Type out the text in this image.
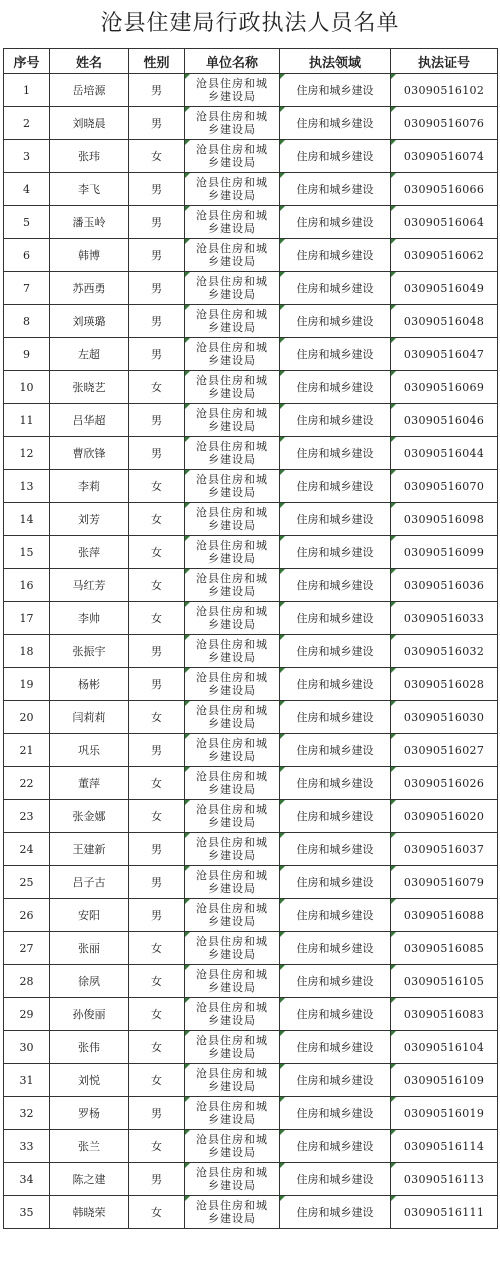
沧县住建局行政执法人员名单
序号	姓名	性别	单位名称	执法领域	执法证号
1	岳培源	男	沧县住房和城乡建设局	住房和城乡建设	03090516102
2	刘晓晨	男	沧县住房和城乡建设局	住房和城乡建设	03090516076
3	张玮	女	沧县住房和城乡建设局	住房和城乡建设	03090516074
4	李飞	男	沧县住房和城乡建设局	住房和城乡建设	03090516066
5	潘玉岭	男	沧县住房和城乡建设局	住房和城乡建设	03090516064
6	韩博	男	沧县住房和城乡建设局	住房和城乡建设	03090516062
7	苏西勇	男	沧县住房和城乡建设局	住房和城乡建设	03090516049
8	刘瑛璐	男	沧县住房和城乡建设局	住房和城乡建设	03090516048
9	左超	男	沧县住房和城乡建设局	住房和城乡建设	03090516047
10	张晓艺	女	沧县住房和城乡建设局	住房和城乡建设	03090516069
11	吕华超	男	沧县住房和城乡建设局	住房和城乡建设	03090516046
12	曹欣锋	男	沧县住房和城乡建设局	住房和城乡建设	03090516044
13	李莉	女	沧县住房和城乡建设局	住房和城乡建设	03090516070
14	刘芳	女	沧县住房和城乡建设局	住房和城乡建设	03090516098
15	张萍	女	沧县住房和城乡建设局	住房和城乡建设	03090516099
16	马红芳	女	沧县住房和城乡建设局	住房和城乡建设	03090516036
17	李帅	女	沧县住房和城乡建设局	住房和城乡建设	03090516033
18	张振宇	男	沧县住房和城乡建设局	住房和城乡建设	03090516032
19	杨彬	男	沧县住房和城乡建设局	住房和城乡建设	03090516028
20	闫莉莉	女	沧县住房和城乡建设局	住房和城乡建设	03090516030
21	巩乐	男	沧县住房和城乡建设局	住房和城乡建设	03090516027
22	董萍	女	沧县住房和城乡建设局	住房和城乡建设	03090516026
23	张金娜	女	沧县住房和城乡建设局	住房和城乡建设	03090516020
24	王建新	男	沧县住房和城乡建设局	住房和城乡建设	03090516037
25	吕子古	男	沧县住房和城乡建设局	住房和城乡建设	03090516079
26	安阳	男	沧县住房和城乡建设局	住房和城乡建设	03090516088
27	张丽	女	沧县住房和城乡建设局	住房和城乡建设	03090516085
28	徐夙	女	沧县住房和城乡建设局	住房和城乡建设	03090516105
29	孙俊丽	女	沧县住房和城乡建设局	住房和城乡建设	03090516083
30	张伟	女	沧县住房和城乡建设局	住房和城乡建设	03090516104
31	刘悦	女	沧县住房和城乡建设局	住房和城乡建设	03090516109
32	罗杨	男	沧县住房和城乡建设局	住房和城乡建设	03090516019
33	张兰	女	沧县住房和城乡建设局	住房和城乡建设	03090516114
34	陈之建	男	沧县住房和城乡建设局	住房和城乡建设	03090516113
35	韩晓荣	女	沧县住房和城乡建设局	住房和城乡建设	03090516111
